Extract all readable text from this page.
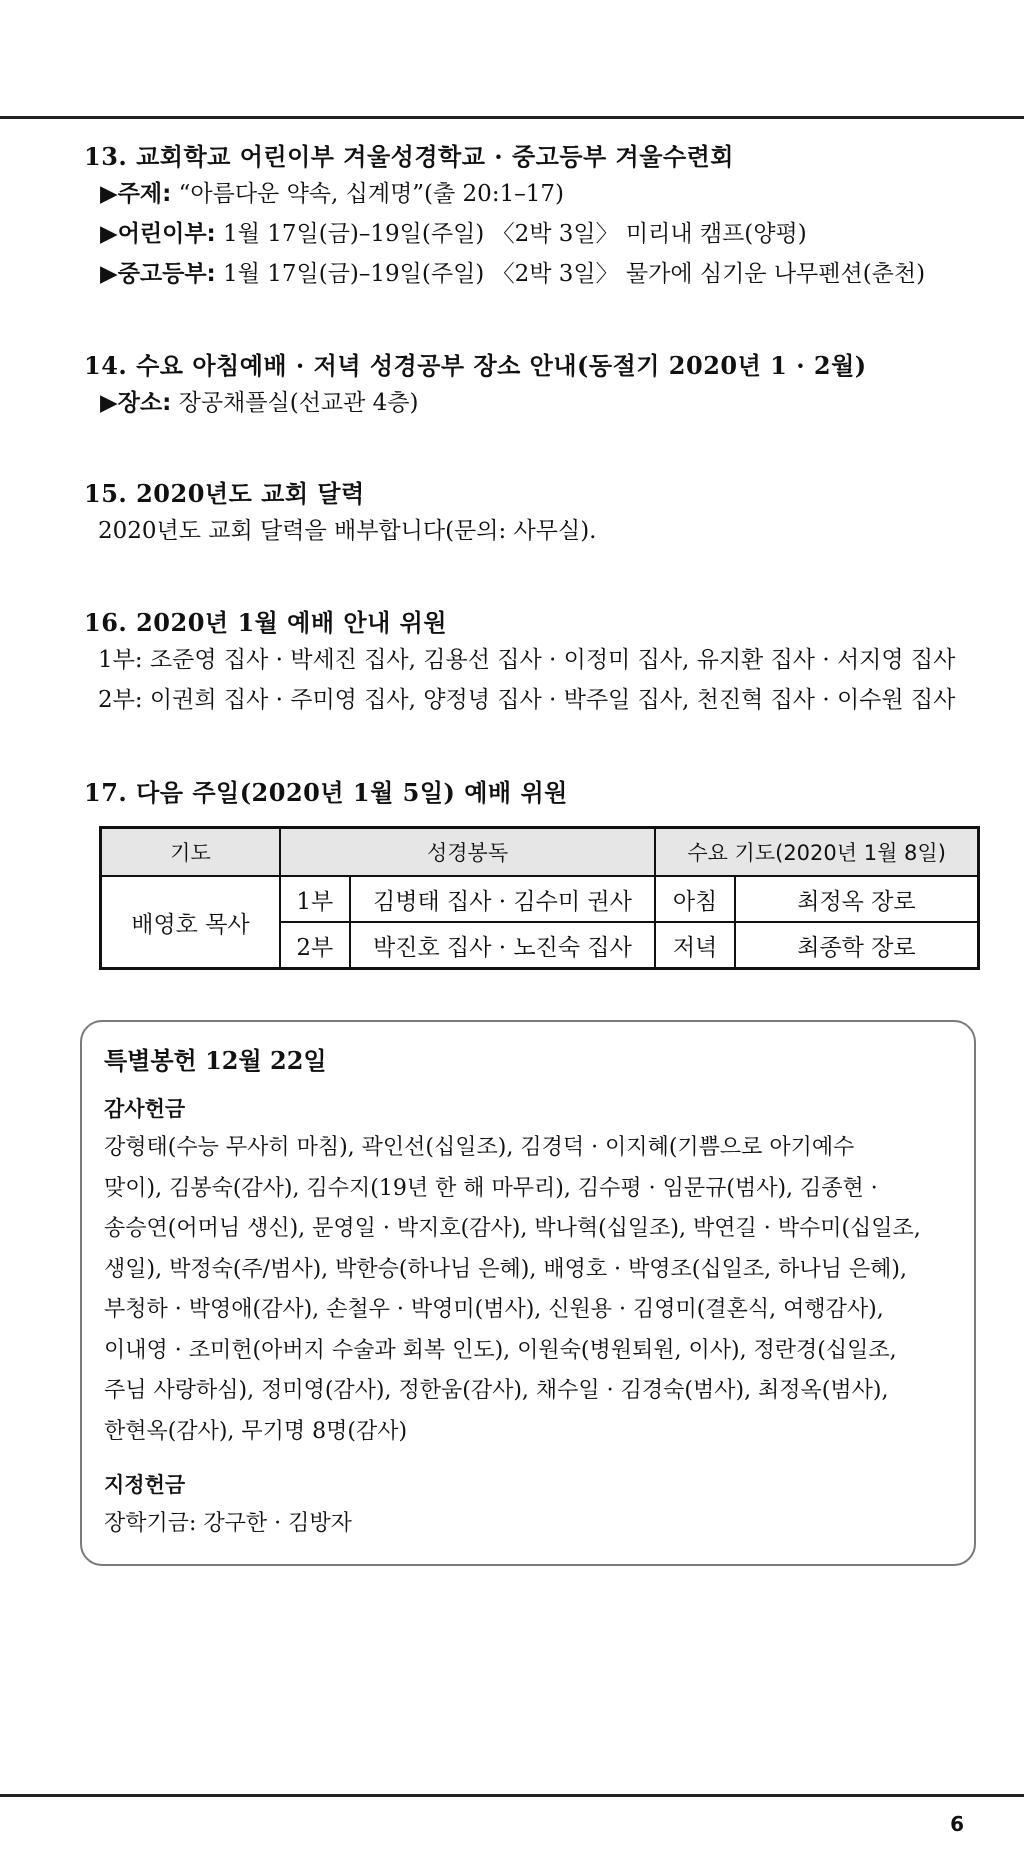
13. 교회학교 어린이부 겨울성경학교 · 중고등부 겨울수련회

▶주제: “아름다운 약속, 십계명”(출 20:1–17)

▶어린이부: 1월 17일(금)–19일(주일) 〈2박 3일〉 미리내 캠프(양평)

▶중고등부: 1월 17일(금)–19일(주일) 〈2박 3일〉 물가에 심기운 나무펜션(춘천)

14. 수요 아침예배 · 저녁 성경공부 장소 안내(동절기 2020년 1 · 2월)

▶장소: 장공채플실(선교관 4층)

15. 2020년도 교회 달력

2020년도 교회 달력을 배부합니다(문의: 사무실).

16. 2020년 1월 예배 안내 위원

1부: 조준영 집사 · 박세진 집사, 김용선 집사 · 이정미 집사, 유지환 집사 · 서지영 집사

2부: 이권희 집사 · 주미영 집사, 양정녕 집사 · 박주일 집사, 천진혁 집사 · 이수원 집사

17. 다음 주일(2020년 1월 5일) 예배 위원

기도	성경봉독		수요 기도(2020년 1월 8일)	
배영호 목사	1부	김병태 집사 · 김수미 권사	아침	최정옥 장로
	2부	박진호 집사 · 노진숙 집사	저녁	최종학 장로

특별봉헌 12월 22일

감사헌금

강형태(수능 무사히 마침), 곽인선(십일조), 김경덕 · 이지혜(기쁨으로 아기예수
맞이), 김봉숙(감사), 김수지(19년 한 해 마무리), 김수평 · 임문규(범사), 김종현 ·
송승연(어머님 생신), 문영일 · 박지호(감사), 박나혁(십일조), 박연길 · 박수미(십일조,
생일), 박정숙(주/범사), 박한승(하나님 은혜), 배영호 · 박영조(십일조, 하나님 은혜),
부청하 · 박영애(감사), 손철우 · 박영미(범사), 신원용 · 김영미(결혼식, 여행감사),
이내영 · 조미헌(아버지 수술과 회복 인도), 이원숙(병원퇴원, 이사), 정란경(십일조,
주님 사랑하심), 정미영(감사), 정한움(감사), 채수일 · 김경숙(범사), 최정옥(범사),
한현옥(감사), 무기명 8명(감사)

지정헌금

장학기금: 강구한 · 김방자

6
